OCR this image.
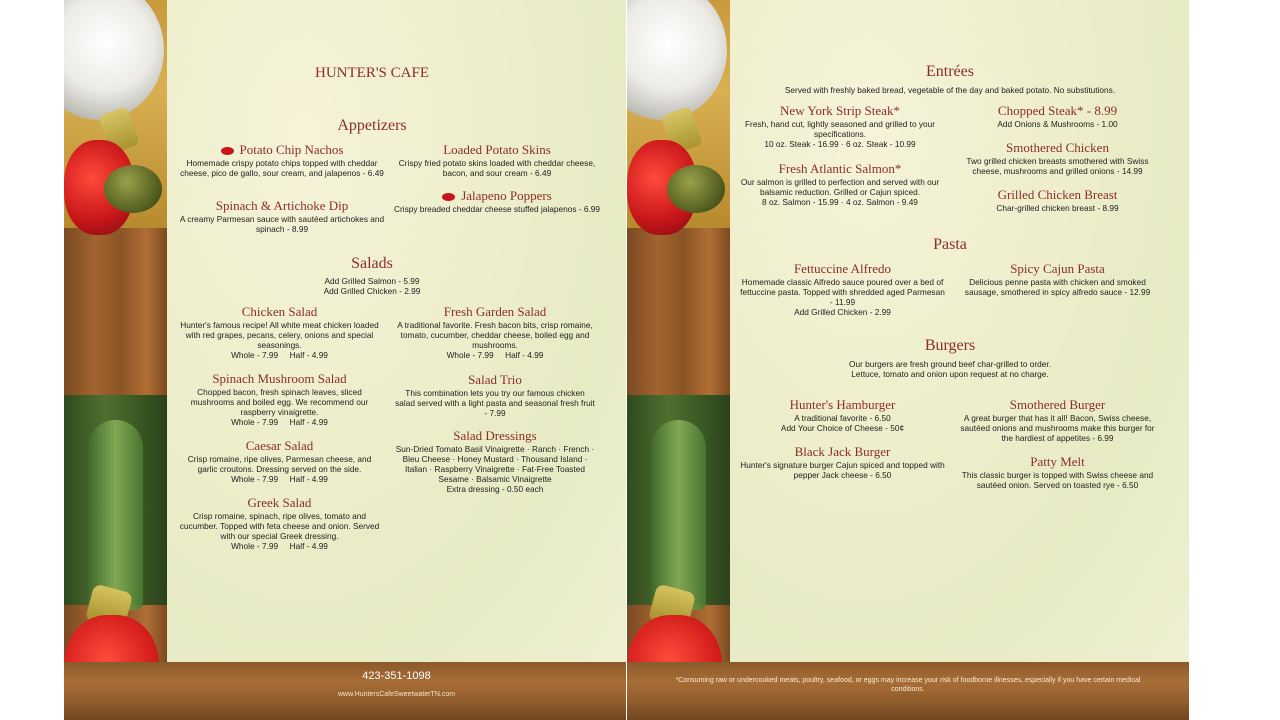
423-351-1098
www.HuntersCafeSweetwaterTN.com
HUNTER'S CAFE
Appetizers
Potato Chip Nachos
Homemade crispy potato chips topped with cheddar cheese, pico de gallo, sour cream, and jalapenos - 6.49
Spinach & Artichoke Dip
A creamy Parmesan sauce with sautéed artichokes and spinach - 8.99
Loaded Potato Skins
Crispy fried potato skins loaded with cheddar cheese, bacon, and sour cream - 6.49
Jalapeno Poppers
Crispy breaded cheddar cheese stuffed jalapenos - 6.99
Salads
Add Grilled Salmon - 5.99
Add Grilled Chicken - 2.99
Chicken Salad
Hunter's famous recipe! All white meat chicken loaded with red grapes, pecans, celery, onions and special seasonings.
Whole - 7.99     Half - 4.99
Spinach Mushroom Salad
Chopped bacon, fresh spinach leaves, sliced mushrooms and boiled egg. We recommend our raspberry vinaigrette.
Whole - 7.99     Half - 4.99
Caesar Salad
Crisp romaine, ripe olives, Parmesan cheese, and garlic croutons. Dressing served on the side.
Whole - 7.99     Half - 4.99
Greek Salad
Crisp romaine, spinach, ripe olives, tomato and cucumber. Topped with feta cheese and onion. Served with our special Greek dressing.
Whole - 7.99     Half - 4.99
Fresh Garden Salad
A traditional favorite. Fresh bacon bits, crisp romaine, tomato, cucumber, cheddar cheese, boiled egg and mushrooms.
Whole - 7.99     Half - 4.99
Salad Trio
This combination lets you try our famous chicken salad served with a light pasta and seasonal fresh fruit - 7.99
Salad Dressings
Sun-Dried Tomato Basil Vinaigrette · Ranch · French · Bleu Cheese · Honey Mustard · Thousand Island · Italian · Raspberry Vinaigrette · Fat-Free Toasted Sesame · Balsamic Vinaigrette
Extra dressing - 0.50 each
*Consuming raw or undercooked meats, poultry, seafood, or eggs may increase your risk of foodborne illnesses, especially if you have certain medical conditions.
Entrées
Served with freshly baked bread, vegetable of the day and baked potato. No substitutions.
New York Strip Steak*
Fresh, hand cut, lightly seasoned and grilled to your specifications.
10 oz. Steak - 16.99 · 6 oz. Steak - 10.99
Fresh Atlantic Salmon*
Our salmon is grilled to perfection and served with our balsamic reduction. Grilled or Cajun spiced.
8 oz. Salmon - 15.99 · 4 oz. Salmon - 9.49
Chopped Steak* - 8.99
Add Onions & Mushrooms - 1.00
Smothered Chicken
Two grilled chicken breasts smothered with Swiss cheese, mushrooms and grilled onions - 14.99
Grilled Chicken Breast
Char-grilled chicken breast - 8.99
Pasta
Fettuccine Alfredo
Homemade classic Alfredo sauce poured over a bed of fettuccine pasta. Topped with shredded aged Parmesan - 11.99
Add Grilled Chicken - 2.99
Spicy Cajun Pasta
Delicious penne pasta with chicken and smoked sausage, smothered in spicy alfredo sauce - 12.99
Burgers
Our burgers are fresh ground beef char-grilled to order.
Lettuce, tomato and onion upon request at no charge.
Hunter's Hamburger
A traditional favorite - 6.50
Add Your Choice of Cheese - 50¢
Black Jack Burger
Hunter's signature burger Cajun spiced and topped with pepper Jack cheese - 6.50
Smothered Burger
A great burger that has it all! Bacon, Swiss cheese, sautéed onions and mushrooms make this burger for the hardiest of appetites - 6.99
Patty Melt
This classic burger is topped with Swiss cheese and sautéed onion. Served on toasted rye - 6.50
